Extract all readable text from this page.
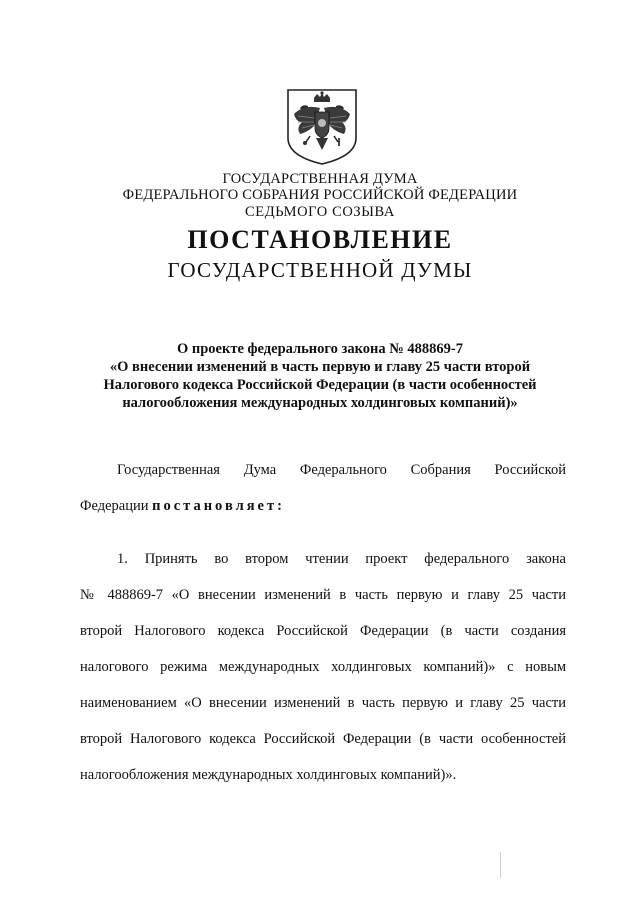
ГОСУДАРСТВЕННАЯ ДУМА
ФЕДЕРАЛЬНОГО СОБРАНИЯ РОССИЙСКОЙ ФЕДЕРАЦИИ
СЕДЬМОГО СОЗЫВА
ПОСТАНОВЛЕНИЕ
ГОСУДАРСТВЕННОЙ ДУМЫ
О проекте федерального закона № 488869-7
«О внесении изменений в часть первую и главу 25 части второй
Налогового кодекса Российской Федерации (в части особенностей
налогообложения международных холдинговых компаний)»
Государственная Дума Федерального Собрания Российской
Федерации постановляет:
1. Принять во втором чтении проект федерального закона
№ 488869-7 «О внесении изменений в часть первую и главу 25 части
второй Налогового кодекса Российской Федерации (в части создания
налогового режима международных холдинговых компаний)» с новым
наименованием «О внесении изменений в часть первую и главу 25 части
второй Налогового кодекса Российской Федерации (в части особенностей
налогообложения международных холдинговых компаний)».
